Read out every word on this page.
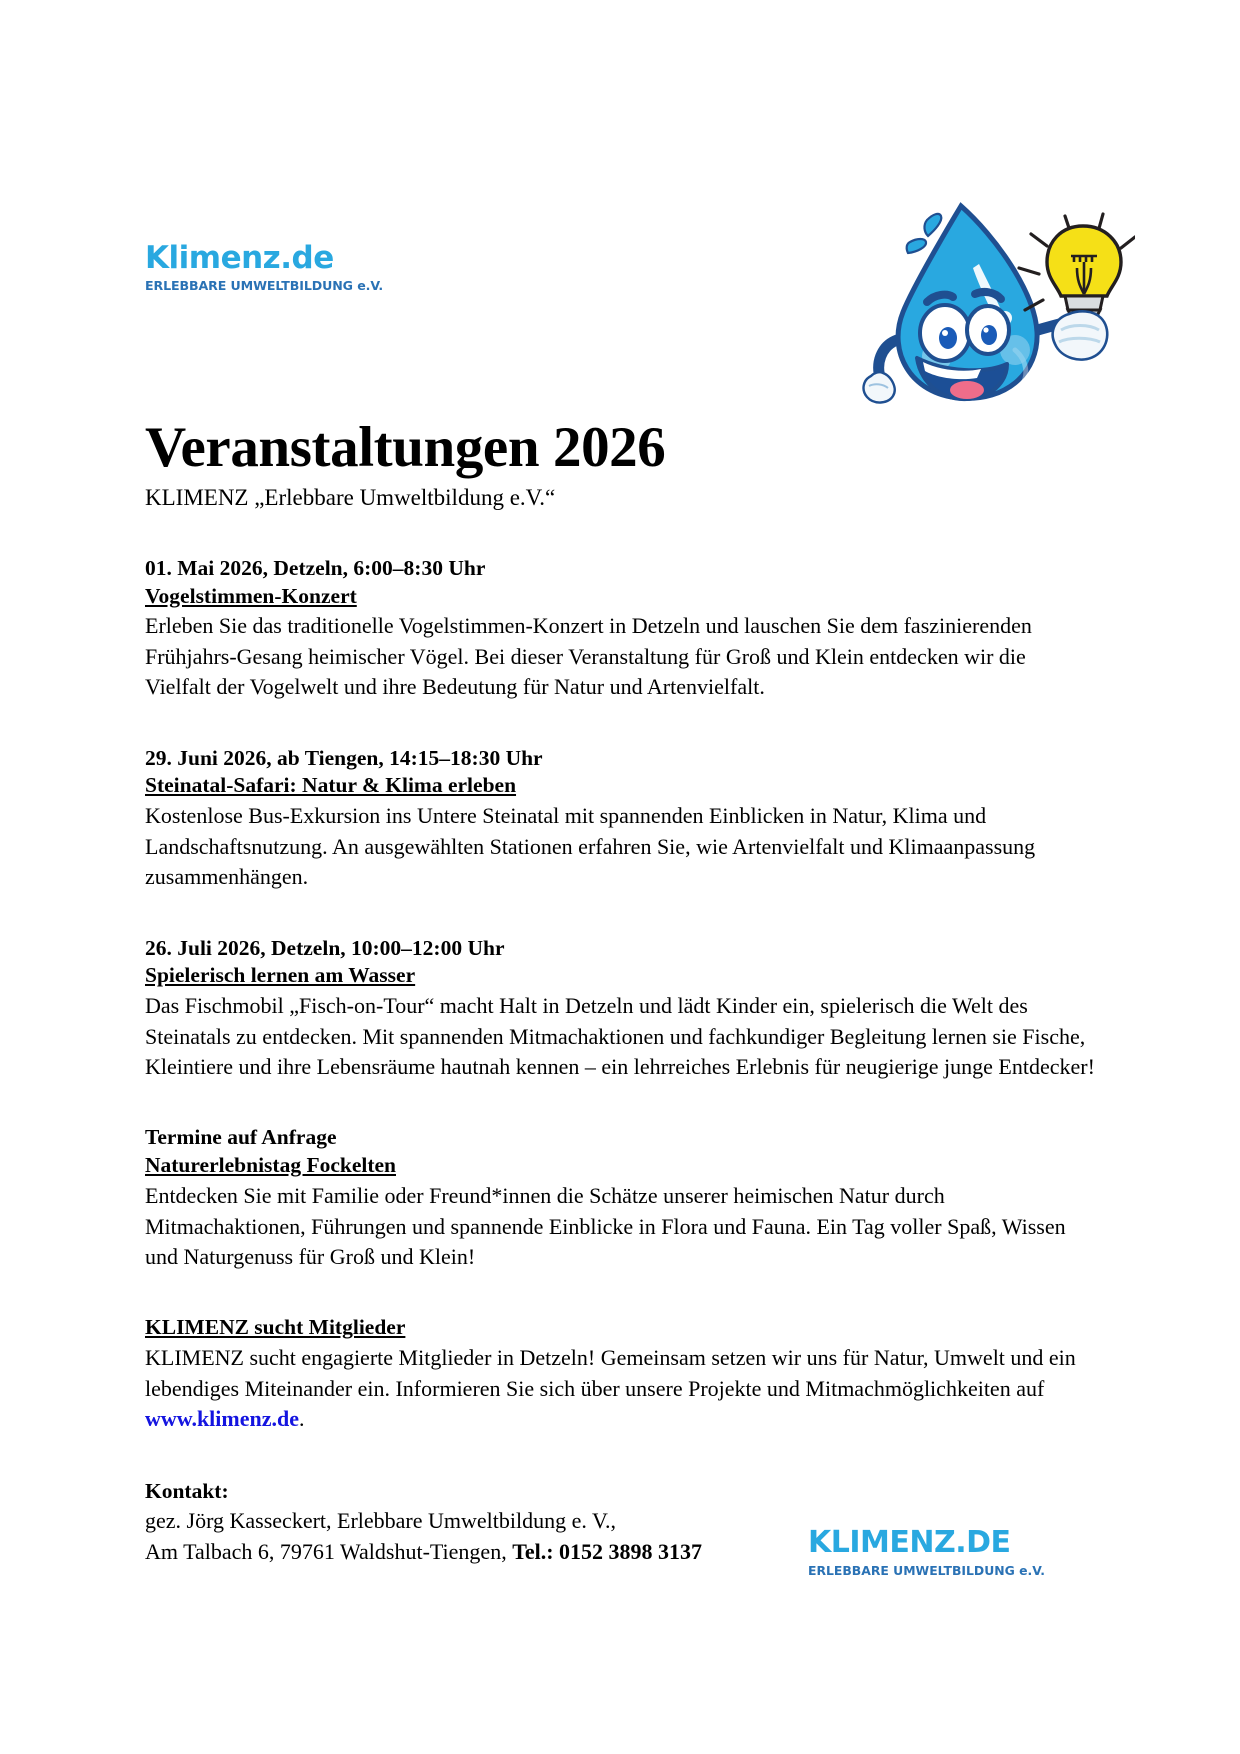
Klimenz.de
ERLEBBARE UMWELTBILDUNG e.V.
Veranstaltungen 2026

KLIMENZ „Erlebbare Umweltbildung e.V.“

01. Mai 2026, Detzeln, 6:00–8:30 Uhr
Vogelstimmen-Konzert
Erleben Sie das traditionelle Vogelstimmen-Konzert in Detzeln und lauschen Sie dem faszinierenden Frühjahrs-Gesang heimischer Vögel. Bei dieser Veranstaltung für Groß und Klein entdecken wir die Vielfalt der Vogelwelt und ihre Bedeutung für Natur und Artenvielfalt.
29. Juni 2026, ab Tiengen, 14:15–18:30 Uhr
Steinatal-Safari: Natur & Klima erleben
Kostenlose Bus-Exkursion ins Untere Steinatal mit spannenden Einblicken in Natur, Klima und Landschaftsnutzung. An ausgewählten Stationen erfahren Sie, wie Artenvielfalt und Klimaanpassung zusammenhängen.
26. Juli 2026, Detzeln, 10:00–12:00 Uhr
Spielerisch lernen am Wasser
Das Fischmobil „Fisch-on-Tour“ macht Halt in Detzeln und lädt Kinder ein, spielerisch die Welt des Steinatals zu entdecken. Mit spannenden Mitmachaktionen und fachkundiger Begleitung lernen sie Fische, Kleintiere und ihre Lebensräume hautnah kennen – ein lehrreiches Erlebnis für neugierige junge Entdecker!
Termine auf Anfrage
Naturerlebnistag Fockelten
Entdecken Sie mit Familie oder Freund*innen die Schätze unserer heimischen Natur durch Mitmachaktionen, Führungen und spannende Einblicke in Flora und Fauna. Ein Tag voller Spaß, Wissen und Naturgenuss für Groß und Klein!
KLIMENZ sucht Mitglieder
KLIMENZ sucht engagierte Mitglieder in Detzeln! Gemeinsam setzen wir uns für Natur, Umwelt und ein lebendiges Miteinander ein. Informieren Sie sich über unsere Projekte und Mitmachmöglichkeiten auf www.klimenz.de.
Kontakt:
gez. Jörg Kasseckert, Erlebbare Umweltbildung e. V.,
Am Talbach 6, 79761 Waldshut-Tiengen, Tel.: 0152 3898 3137	KLIMENZ.DE
ERLEBBARE UMWELTBILDUNG e.V.
